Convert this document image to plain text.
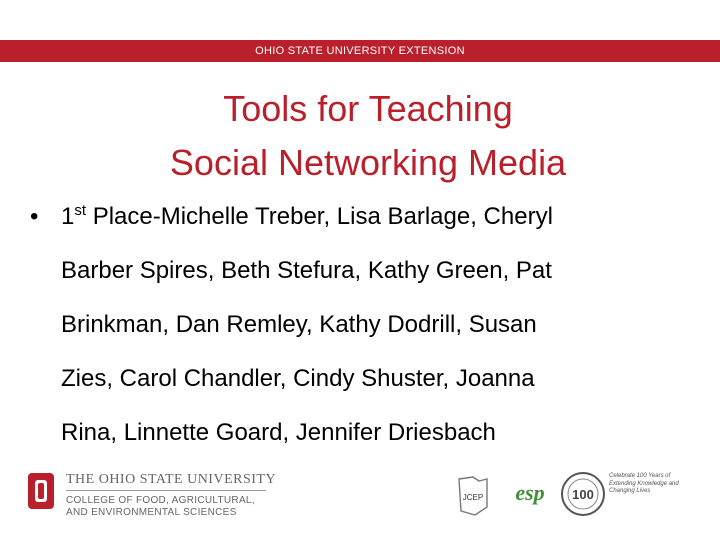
OHIO STATE UNIVERSITY EXTENSION
Tools for Teaching
Social Networking Media
• 1st Place-Michelle Treber, Lisa Barlage, Cheryl
Barber Spires, Beth Stefura, Kathy Green, Pat
Brinkman, Dan Remley, Kathy Dodrill, Susan
Zies, Carol Chandler, Cindy Shuster, Joanna
Rina, Linnette Goard, Jennifer Driesbach
THE OHIO STATE UNIVERSITY
COLLEGE OF FOOD, AGRICULTURAL,
AND ENVIRONMENTAL SCIENCES
JCEP esp 100
Celebrate 100 Years of Extending Knowledge and Changing Lives
